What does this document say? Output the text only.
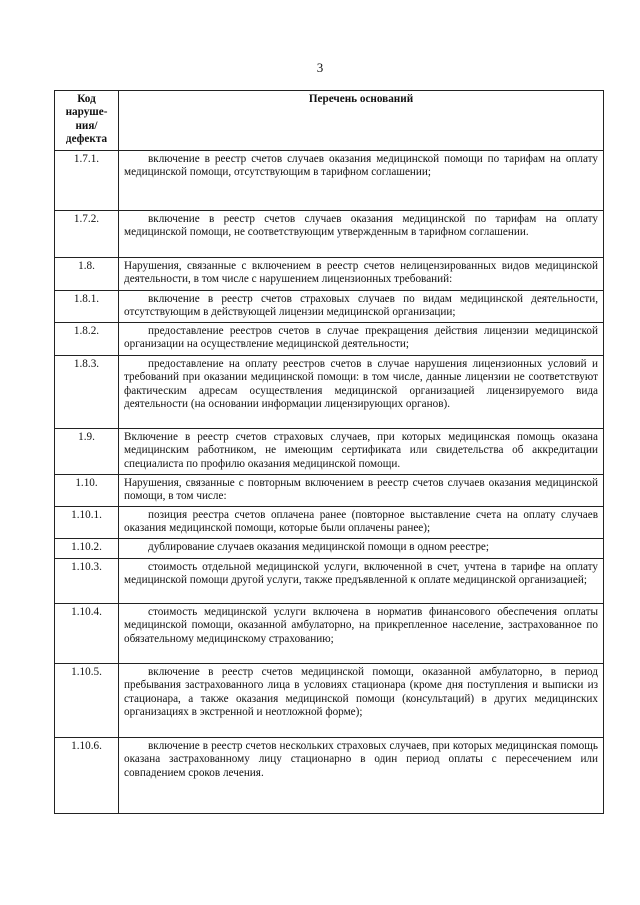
3
Код
наруше-
ния/
дефекта	Перечень оснований
1.7.1.	включение в реестр счетов случаев оказания медицинской помощи по тарифам на оплату медицинской помощи, отсутствующим в тарифном соглашении;
1.7.2.	включение в реестр счетов случаев оказания медицинской по тарифам на оплату медицинской помощи, не соответствующим утвержденным в тарифном соглашении.
1.8.	Нарушения, связанные с включением в реестр счетов нелицензированных видов медицинской деятельности, в том числе с нарушением лицензионных требований:
1.8.1.	включение в реестр счетов страховых случаев по видам медицинской деятельности, отсутствующим в действующей лицензии медицинской организации;
1.8.2.	предоставление реестров счетов в случае прекращения действия лицензии медицинской организации на осуществление медицинской деятельности;
1.8.3.	предоставление на оплату реестров счетов в случае нарушения лицензионных условий и требований при оказании медицинской помощи: в том числе, данные лицензии не соответствуют фактическим адресам осуществления медицинской организацией лицензируемого вида деятельности (на основании информации лицензирующих органов).
1.9.	Включение в реестр счетов страховых случаев, при которых медицинская помощь оказана медицинским работником, не имеющим сертификата или свидетельства об аккредитации специалиста по профилю оказания медицинской помощи.
1.10.	Нарушения, связанные с повторным включением в реестр счетов случаев оказания медицинской помощи, в том числе:
1.10.1.	позиция реестра счетов оплачена ранее (повторное выставление счета на оплату случаев оказания медицинской помощи, которые были оплачены ранее);
1.10.2.	дублирование случаев оказания медицинской помощи в одном реестре;
1.10.3.	стоимость отдельной медицинской услуги, включенной в счет, учтена в тарифе на оплату медицинской помощи другой услуги, также предъявленной к оплате медицинской организацией;
1.10.4.	стоимость медицинской услуги включена в норматив финансового обеспечения оплаты медицинской помощи, оказанной амбулаторно, на прикрепленное население, застрахованное по обязательному медицинскому страхованию;
1.10.5.	включение в реестр счетов медицинской помощи, оказанной амбулаторно, в период пребывания застрахованного лица в условиях стационара (кроме дня поступления и выписки из стационара, а также оказания медицинской помощи (консультаций) в других медицинских организациях в экстренной и неотложной форме);
1.10.6.	включение в реестр счетов нескольких страховых случаев, при которых медицинская помощь оказана застрахованному лицу стационарно в один период оплаты с пересечением или совпадением сроков лечения.
